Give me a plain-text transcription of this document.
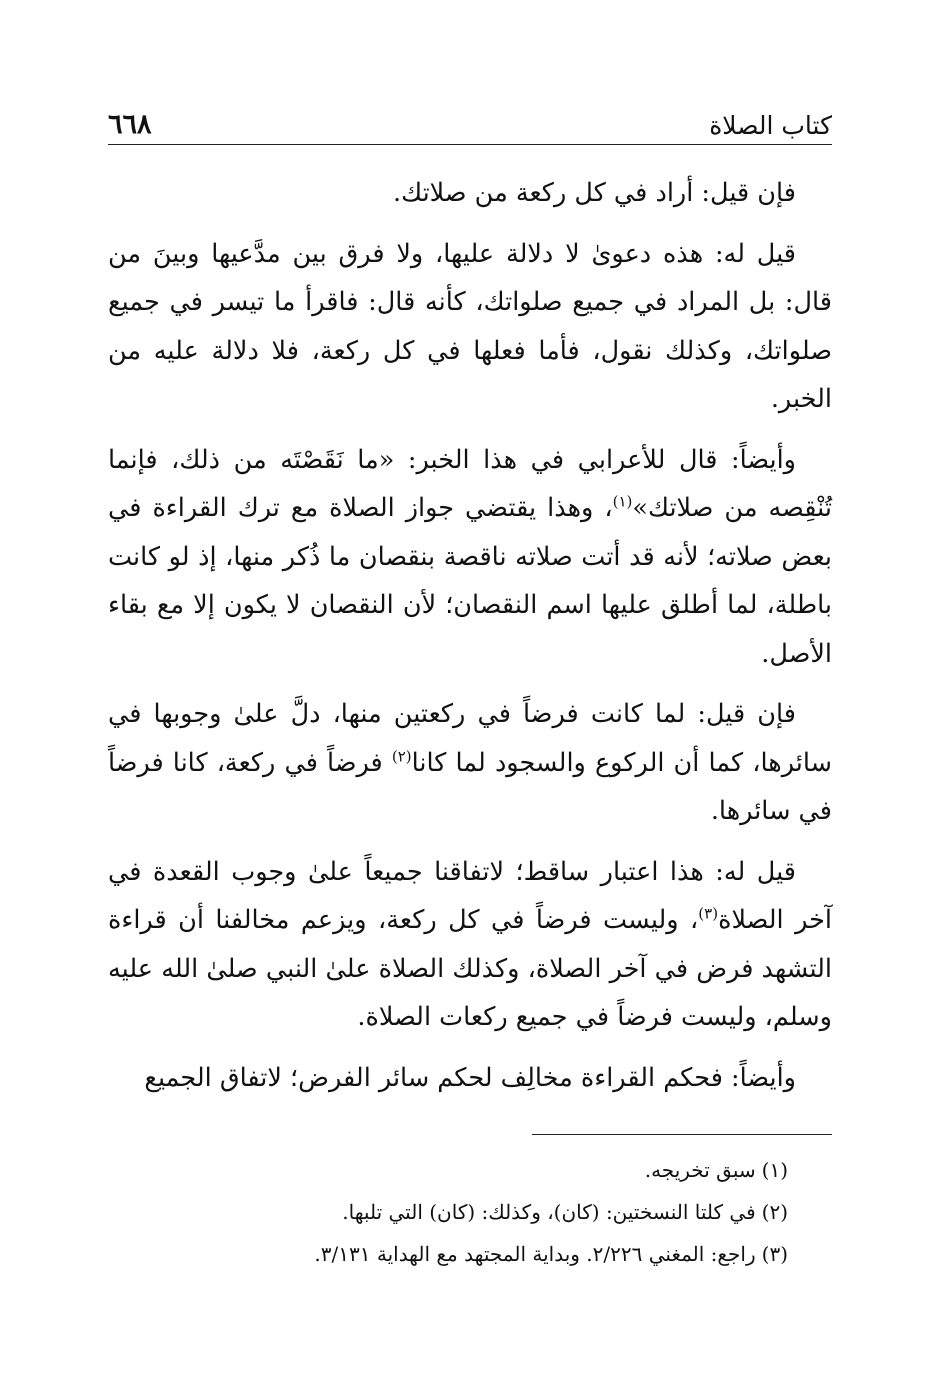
كتاب الصلاة
٦٦٨

فإن قيل: أراد في كل ركعة من صلاتك.

قيل له: هذه دعوىٰ لا دلالة عليها، ولا فرق بين مدَّعيها وبينَ من قال: بل المراد في جميع صلواتك، كأنه قال: فاقرأ ما تيسر في جميع صلواتك، وكذلك نقول، فأما فعلها في كل ركعة، فلا دلالة عليه من الخبر.

وأيضاً: قال للأعرابي في هذا الخبر: «ما نَقَصْتَه من ذلك، فإنما تُنْقِصه من صلاتك»$^{(١)}$، وهذا يقتضي جواز الصلاة مع ترك القراءة في بعض صلاته؛ لأنه قد أتت صلاته ناقصة بنقصان ما ذُكر منها، إذ لو كانت باطلة، لما أطلق عليها اسم النقصان؛ لأن النقصان لا يكون إلا مع بقاء الأصل.

فإن قيل: لما كانت فرضاً في ركعتين منها، دلَّ علىٰ وجوبها في سائرها، كما أن الركوع والسجود لما كانا$^{(٢)}$ فرضاً في ركعة، كانا فرضاً في سائرها.

قيل له: هذا اعتبار ساقط؛ لاتفاقنا جميعاً علىٰ وجوب القعدة في آخر الصلاة$^{(٣)}$، وليست فرضاً في كل ركعة، ويزعم مخالفنا أن قراءة التشهد فرض في آخر الصلاة، وكذلك الصلاة علىٰ النبي صلىٰ الله عليه وسلم، وليست فرضاً في جميع ركعات الصلاة.

وأيضاً: فحكم القراءة مخالِف لحكم سائر الفرض؛ لاتفاق الجميع

(١)سبق تخريجه.
(٢)في كلتا النسختين: (كان)، وكذلك: (كان) التي تلبها.
(٣)راجع: المغني ٢/٢٢٦. وبداية المجتهد مع الهداية ٣/١٣١.
